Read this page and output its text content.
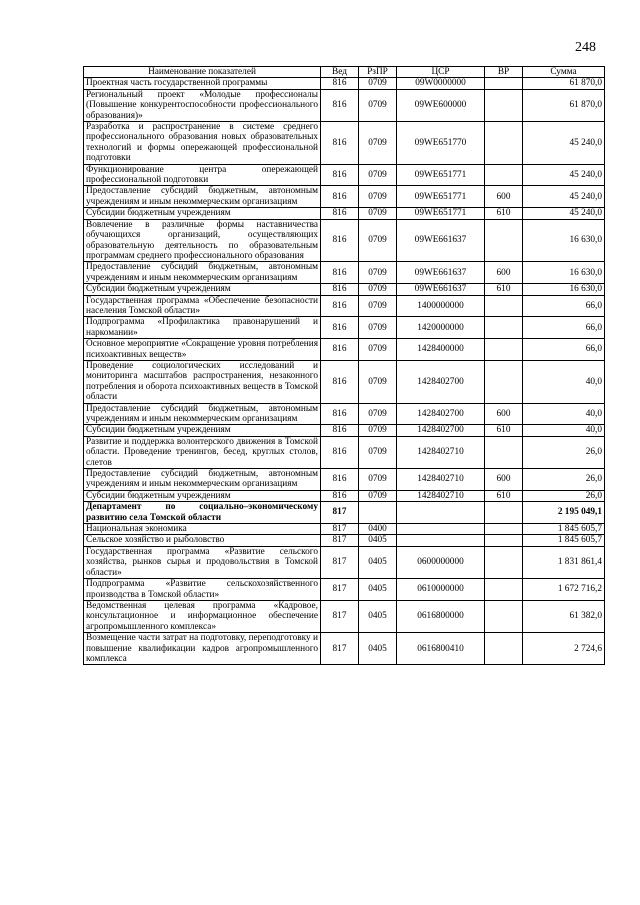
248
Наименование показателей	Вед	РзПР	ЦСР	ВР	Сумма
Проектная часть государственной программы	816	0709	09W0000000		61 870,0
Региональный проект «Молодые профессионалы (Повышение конкурентоспособности профессионального образования)»	816	0709	09WE600000		61 870,0
Разработка и распространение в системе среднего профессионального образования новых образовательных технологий и формы опережающей профессиональной подготовки	816	0709	09WE651770		45 240,0
Функционирование центра опережающей профессиональной подготовки	816	0709	09WE651771		45 240,0
Предоставление субсидий бюджетным, автономным учреждениям и иным некоммерческим организациям	816	0709	09WE651771	600	45 240,0
Субсидии бюджетным учреждениям	816	0709	09WE651771	610	45 240,0
Вовлечение в различные формы наставничества обучающихся организаций, осуществляющих образовательную деятельность по образовательным программам среднего профессионального образования	816	0709	09WE661637		16 630,0
Предоставление субсидий бюджетным, автономным учреждениям и иным некоммерческим организациям	816	0709	09WE661637	600	16 630,0
Субсидии бюджетным учреждениям	816	0709	09WE661637	610	16 630,0
Государственная программа «Обеспечение безопасности населения Томской области»	816	0709	1400000000		66,0
Подпрограмма «Профилактика правонарушений и наркомании»	816	0709	1420000000		66,0
Основное мероприятие «Сокращение уровня потребления психоактивных веществ»	816	0709	1428400000		66,0
Проведение социологических исследований и мониторинга масштабов распространения, незаконного потребления и оборота психоактивных веществ в Томской области	816	0709	1428402700		40,0
Предоставление субсидий бюджетным, автономным учреждениям и иным некоммерческим организациям	816	0709	1428402700	600	40,0
Субсидии бюджетным учреждениям	816	0709	1428402700	610	40,0
Развитие и поддержка волонтерского движения в Томской области. Проведение тренингов, бесед, круглых столов, слетов	816	0709	1428402710		26,0
Предоставление субсидий бюджетным, автономным учреждениям и иным некоммерческим организациям	816	0709	1428402710	600	26,0
Субсидии бюджетным учреждениям	816	0709	1428402710	610	26,0
Департамент по социально–экономическому развитию села Томской области	817				2 195 049,1
Национальная экономика	817	0400			1 845 605,7
Сельское хозяйство и рыболовство	817	0405			1 845 605,7
Государственная программа «Развитие сельского хозяйства, рынков сырья и продовольствия в Томской области»	817	0405	0600000000		1 831 861,4
Подпрограмма «Развитие сельскохозяйственного производства в Томской области»	817	0405	0610000000		1 672 716,2
Ведомственная целевая программа «Кадровое, консультационное и информационное обеспечение агропромышленного комплекса»	817	0405	0616800000		61 382,0
Возмещение части затрат на подготовку, переподготовку и повышение квалификации кадров агропромышленного комплекса	817	0405	0616800410		2 724,6
